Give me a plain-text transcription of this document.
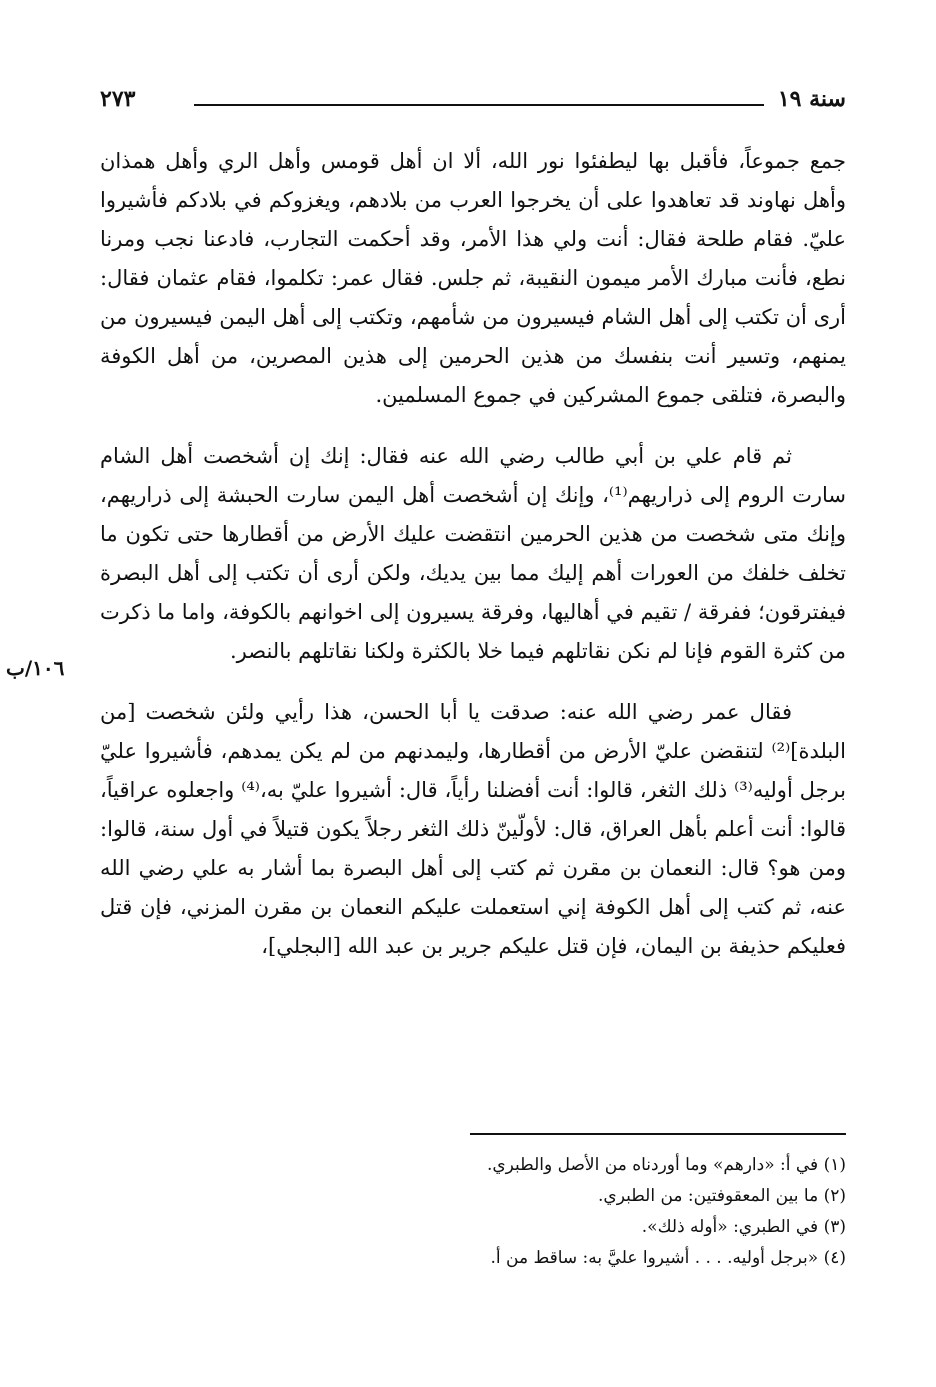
سنة ١٩
٢٧٣

جمع جموعاً، فأقبل بها ليطفئوا نور الله، ألا ان أهل قومس وأهل الري وأهل همذان وأهل نهاوند قد تعاهدوا على أن يخرجوا العرب من بلادهم، ويغزوكم في بلادكم فأشيروا عليّ. فقام طلحة فقال: أنت ولي هذا الأمر، وقد أحكمت التجارب، فادعنا نجب ومرنا نطع، فأنت مبارك الأمر ميمون النقيبة، ثم جلس. فقال عمر: تكلموا، فقام عثمان فقال: أرى أن تكتب إلى أهل الشام فيسيرون من شأمهم، وتكتب إلى أهل اليمن فيسيرون من يمنهم، وتسير أنت بنفسك من هذين الحرمين إلى هذين المصرين، من أهل الكوفة والبصرة، فتلقى جموع المشركين في جموع المسلمين.

ثم قام علي بن أبي طالب رضي الله عنه فقال: إنك إن أشخصت أهل الشام سارت الروم إلى ذراريهم⁽¹⁾، وإنك إن أشخصت أهل اليمن سارت الحبشة إلى ذراريهم، وإنك متى شخصت من هذين الحرمين انتقضت عليك الأرض من أقطارها حتى تكون ما تخلف خلفك من العورات أهم إليك مما بين يديك، ولكن أرى أن تكتب إلى أهل البصرة فيفترقون؛ ففرقة / تقيم في أهاليها، وفرقة يسيرون إلى اخوانهم بالكوفة، واما ما ذكرت من كثرة القوم فإنا لم نكن نقاتلهم فيما خلا بالكثرة ولكنا نقاتلهم بالنصر.

فقال عمر رضي الله عنه: صدقت يا أبا الحسن، هذا رأيي ولئن شخصت [من البلدة]⁽²⁾ لتنقضن عليّ الأرض من أقطارها، وليمدنهم من لم يكن يمدهم، فأشيروا عليّ برجل أوليه⁽³⁾ ذلك الثغر، قالوا: أنت أفضلنا رأياً، قال: أشيروا عليّ به،⁽⁴⁾ واجعلوه عراقياً، قالوا: أنت أعلم بأهل العراق، قال: لأولّينّ ذلك الثغر رجلاً يكون قتيلاً في أول سنة، قالوا: ومن هو؟ قال: النعمان بن مقرن ثم كتب إلى أهل البصرة بما أشار به علي رضي الله عنه، ثم كتب إلى أهل الكوفة إني استعملت عليكم النعمان بن مقرن المزني، فإن قتل فعليكم حذيفة بن اليمان، فإن قتل عليكم جرير بن عبد الله [البجلي]،

١٠٦/ب
(١) في أ: «دارهم» وما أوردناه من الأصل والطبري.
(٢) ما بين المعقوفتين: من الطبري.
(٣) في الطبري: «أوله ذلك».
(٤) «برجل أوليه. . . . أشيروا عليَّ به: ساقط من أ.
